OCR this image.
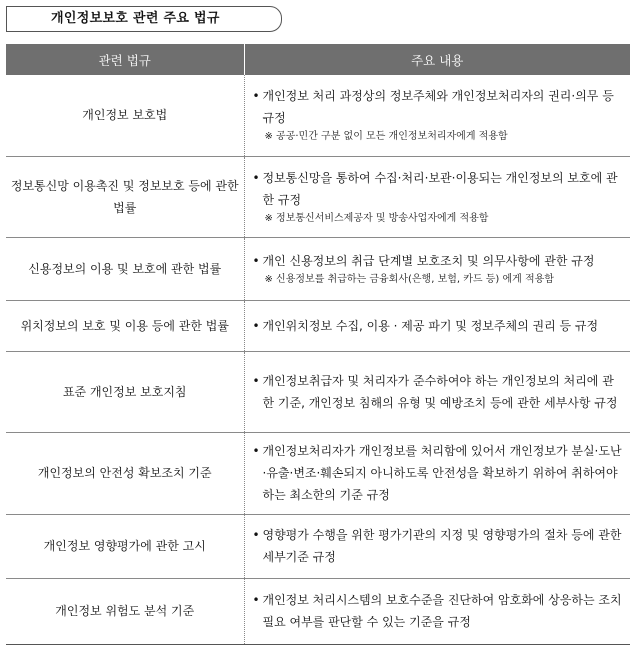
개인정보보호 관련 주요 법규
관련 법규	주요 내용
개인정보 보호법	• 개인정보 처리 과정상의 정보주체와 개인정보처리자의 권리·의무 등 규정
※ 공공·민간 구분 없이 모든 개인정보처리자에게 적용함

정보통신망 이용촉진 및 정보보호 등에 관한 법률	• 정보통신망을 통하여 수집·처리·보관·이용되는 개인정보의 보호에 관한 규정
※ 정보통신서비스제공자 및 방송사업자에게 적용함

신용정보의 이용 및 보호에 관한 법률	• 개인 신용정보의 취급 단계별 보호조치 및 의무사항에 관한 규정
※ 신용정보를 취급하는 금융회사(은행, 보험, 카드 등) 에게 적용함

위치정보의 보호 및 이용 등에 관한 법률	• 개인위치정보 수집, 이용 · 제공 파기 및 정보주체의 권리 등 규정

표준 개인정보 보호지침	• 개인정보취급자 및 처리자가 준수하여야 하는 개인정보의 처리에 관한 기준, 개인정보 침해의 유형 및 예방조치 등에 관한 세부사항 규정

개인정보의 안전성 확보조치 기준	• 개인정보처리자가 개인정보를 처리함에 있어서 개인정보가 분실·도난·유출·변조·훼손되지 아니하도록 안전성을 확보하기 위하여 취하여야 하는 최소한의 기준 규정

개인정보 영향평가에 관한 고시	• 영향평가 수행을 위한 평가기관의 지정 및 영향평가의 절차 등에 관한 세부기준 규정

개인정보 위험도 분석 기준	• 개인정보 처리시스템의 보호수준을 진단하여 암호화에 상응하는 조치필요 여부를 판단할 수 있는 기준을 규정
